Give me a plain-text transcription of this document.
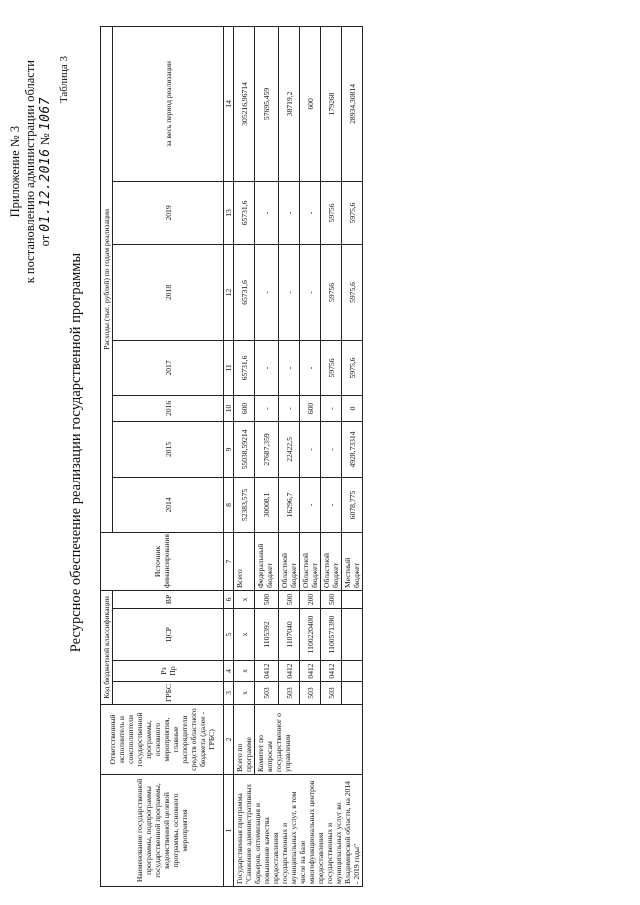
Приложение № 3 к постановлению администрации области от 01.12.2016 № 1067
Таблица 3
Ресурсное обеспечение реализации государственной программы
Наименование государственной программы, подпрограммы государственной программы, ведомственной целевой программы, основного мероприятия	Ответственный исполнитель и соисполнители государственной программы, основного мероприятия, главные распорядители средств областного бюджета (далее - ГРБС)	Код бюджетной классификации				Источник финансирования	Расходы (тыс. рублей) по годам реализации						
		ГРБС	Рз Пр	ЦСР	ВР		2014	2015	2016	2017	2018	2019	за весь период реализации

1	2	3	4	5	6	7	8	9	10	11	12	13	14
Государственная программа "Снижение административных барьеров, оптимизация и повышение качества предоставления государственных и муниципальных услуг, в том числе на базе многофункциональных центров предоставления государственных и муниципальных услуг во Владимирской области, на 2014 - 2019 годы"	Всего по программе	x	x	x	x	Всего	52383,575	55038,59214	600	65731,6	65731,6	65731,6	305216,96714
	Комитет по вопросам государственног о управления	503	0412	1105392	500	Федеральный бюджет	30008,1	27687,359	-	-	-	-	57695,459
		503	0412	1107040	500	Областной бюджет	16296,7	22422,5	-	-	-	-	38719,2
		503	0412	1100220400	200	Областной бюджет	-	-	600	-	-	-	600
		503	0412	1100571390	500	Областной бюджет	-	-	-	59756	59756	59756	179268
						Местный бюджет	6078,775	4928,73314	0	5975,6	5975,6	5975,6	28934,30814
